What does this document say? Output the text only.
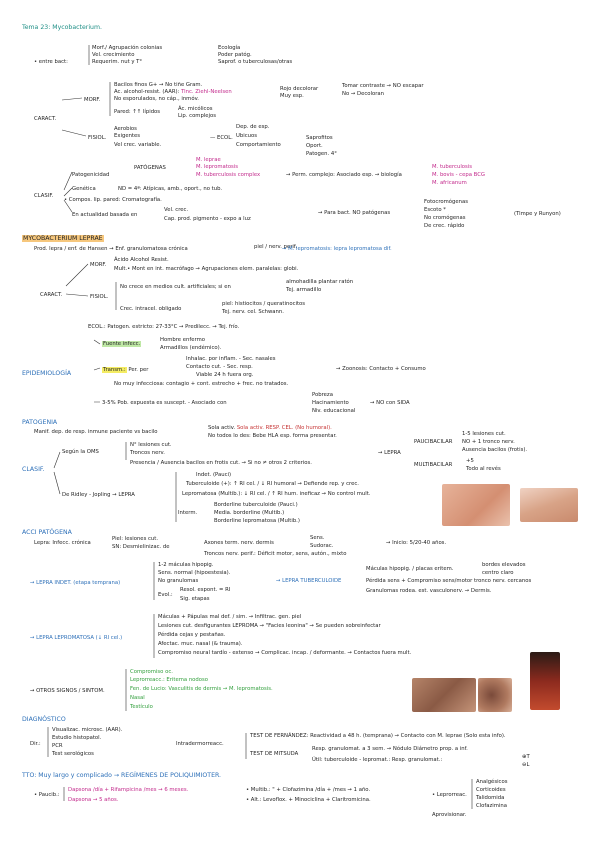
Tema 23: Mycobacterium.
• entre bact:
Morf./ Agrupación colonias
Vel. crecimiento
Requerim. nut y T°
Ecología
Poder patóg.
Saprof. o tuberculosas/otras
CARACT.
MORF.
Bacilos finos G+ → No tiñe Gram.
Ac. alcohol-resist. (AAR): Tinc. Ziehl-Neelsen
No esporulados, no cáp., inmóv.
Pared: ↑↑ lípidos	Ác. micólicos
Lip. complejos
Rojo decolorar
Muy esp.
Tomar contraste → NO escapar
No → Decoloran
FISIOL.
Aerobios
Exigentes
Vel crec. variable.
— ECOL.
Dep. de esp.
Ubicuos
Comportamiento
Saprofitos
Oport.
Patogen. 4°
CLASIF.
Patogenicidad
PATÓGENAS
M. leprae
M. lepromatosis
M. tuberculosis complex	→ Perm. complejo: Asociado esp. → biología
M. tuberculosis
M. bovis - cepa BCG
M. africanum
Genética	ND = 4ª: Atípicas, amb., oport., no tub.
• Compos. lip. pared: Cromatografía.
En actualidad basada en
Vel. crec.
Cap. prod. pigmento - expo a luz
→ Para bact. NO patógenas
Fotocromógenas
Escoto *
No cromógenas
De crec. rápido
(Timpe y Runyon)
MYCOBACTERIUM LEPRAE
Prod. lepra / enf. de Hansen → Enf. granulomatosa crónica	piel / nerv. perif.
→ M. lepromatosis: lepra lepromatosa dif.
CARACT.
MORF.
Ácido Alcohol Resist.
Mult.• Mont en int. macrófago → Agrupaciones elem. paralelas: globi.
FISIOL.
No crece en medios cult. artificiales; si en
almohadilla plantar ratón
Tej. armadillo
Crec. intracel. obligado
piel: histiocitos / queratinocitos
Tej. nerv. cel. Schwann.
ECOL.: Patogen. estricto: 27-33°C → Predilecc. → Tej. frío.
EPIDEMIOLOGÍA
Fuente infecc.
Hombre enfermo
Armadillos (endémico).
Transm.: Per. per
Inhalac. por inflam. - Sec. nasales
Contacto cut. - Sec. resp.
Viable 24 h fuera org.
→ Zoonosis: Contacto + Consumo
No muy infecciosa: contagio + cont. estrecho + frec. no tratados.
3-5% Pob. expuesta es suscept. - Asociado con
Pobreza
Hacinamiento
Niv. educacional
→ NO con SIDA
PATOGENIA
Manif. dep. de resp. inmune paciente vs bacilo
Sola activ. Sola activ. RESP. CEL. (No humoral).
No todos lo des: Bebe HLA esp. forma presentar.
CLASIF.
Según la OMS
N° lesiones cut.
Troncos nerv.
Presencia / Ausencia bacilos en frotis cut. → Si no ≠ otros 2 criterios.
→ LEPRA
PAUCIBACILAR
1-5 lesiones cut.
NO + 1 tronco nerv.
Ausencia bacilos (frotis).
MULTIBACILAR
+5
Todo al revés
De Ridley - Jopling → LEPRA
Indet. (Pauci)
Tuberculoide (+): ↑ RI cel. / ↓ RI humoral → Defiende rep. y crec.
Lepromatosa (Multib.): ↓ RI cel. / ↑ RI hum. ineficaz → No control mult.
Interm.
Borderline tuberculoide (Pauci.)
Media. borderline (Multib.)
Borderline lepromatosa (Multib.)
ACCI PATÓGENA
Lepra: Infecc. crónica
Piel: lesiones cut.
SN: Desmielinizac. de
Axones term. nerv. dermis
Sens.
Sudorac.	→ Inicio: 5/20-40 años.
Troncos nerv. perif.: Déficit motor, sens, autón., mixto
→ LEPRA INDET. (etapa temprana)
1-2 máculas hipopig.
Sens. normal (hipoestesia).
No granulomas
Evol.:
Resol. espont. = RI
Sig. etapas
→ LEPRA TUBERCULOIDE
Máculas hipopig. / placas eritem.
Pérdida sens + Compromiso sens/motor tronco nerv. cercanos
Granulomas rodea. est. vasculonerv. → Dermis.
bordes elevados
centro claro
→ LEPRA LEPROMATOSA (↓ RI cel.)
Máculas + Pápulas mal def. / sim. → Infiltrac. gen. piel
Lesiones cut. desfigurantes LEPROMA → "Facies leonina" → Se pueden sobreinfectar
Pérdida cejas y pestañas.
Afectac. muc. nasal (& trauma).
Compromiso neural tardío - extenso → Complicac. incap. / deformante. → Contactos fuera mult.
→ OTROS SIGNOS / SINTOM.
Compromiso oc.
Leprorreacc.: Eritema nodoso
Fen. de Lucio: Vasculitis de dermis → M. lepromatosis.
Nasal
Testículo
DIAGNÓSTICO
Dir.:
Visualizac. microsc. (AAR).
Estudio histopatol.
PCR
Test serológicos
Intradermorreacc.
TEST DE FERNÁNDEZ: Reactividad a 48 h. (temprana) → Contacto con M. leprae (Solo esta info).
TEST DE MITSUDA
Resp. granulomat. a 3 sem. → Nódulo Diámetro prop. a inf.
Útil: tuberculoide - lepromat.: Resp. granulomat.:	⊕T
⊖L
TTO: Muy largo y complicado → REGÍMENES DE POLIQUIMIOTER.
• Paucib.:
Dapsona /día + Rifampicina /mes → 6 meses.
Dapsona → 5 años.
• Multib.: " + Clofazimina /día + /mes → 1 año.
• Alt.: Levoflox. + Minociclina + Claritromicina.
• Leprorreac.
Aprovisionar.
Analgésicos
Corticoides
Talidomida
Clofazimina
